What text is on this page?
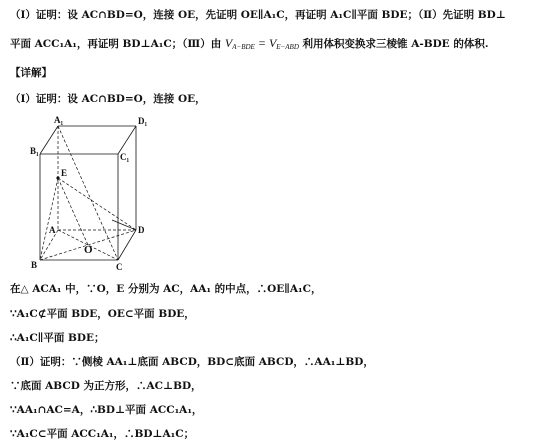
（Ⅰ）证明：设 AC∩BD=O，连接 OE，先证明 OE∥A₁C，再证明 A₁C∥平面 BDE；（Ⅱ）先证明 BD⊥
平面 ACC₁A₁，再证明 BD⊥A₁C；（Ⅲ）由 $V_{A-BDE} = V_{E-ABD}$ 利用体积变换求三棱锥 A-BDE 的体积.
【详解】
（Ⅰ）证明：设 AC∩BD=O，连接 OE，
A₁	D₁
B₁
C₁
E
A	D
B	C
O
在△ ACA₁ 中，∵O，E 分别为 AC，AA₁ 的中点，∴OE∥A₁C，
∵A₁C⊄平面 BDE，OE⊂平面 BDE，
∴A₁C∥平面 BDE；
（Ⅱ）证明：∵侧棱 AA₁⊥底面 ABCD，BD⊂底面 ABCD，∴AA₁⊥BD，
∵底面 ABCD 为正方形，∴AC⊥BD，
∵AA₁∩AC=A，∴BD⊥平面 ACC₁A₁，
∵A₁C⊂平面 ACC₁A₁，∴BD⊥A₁C；
